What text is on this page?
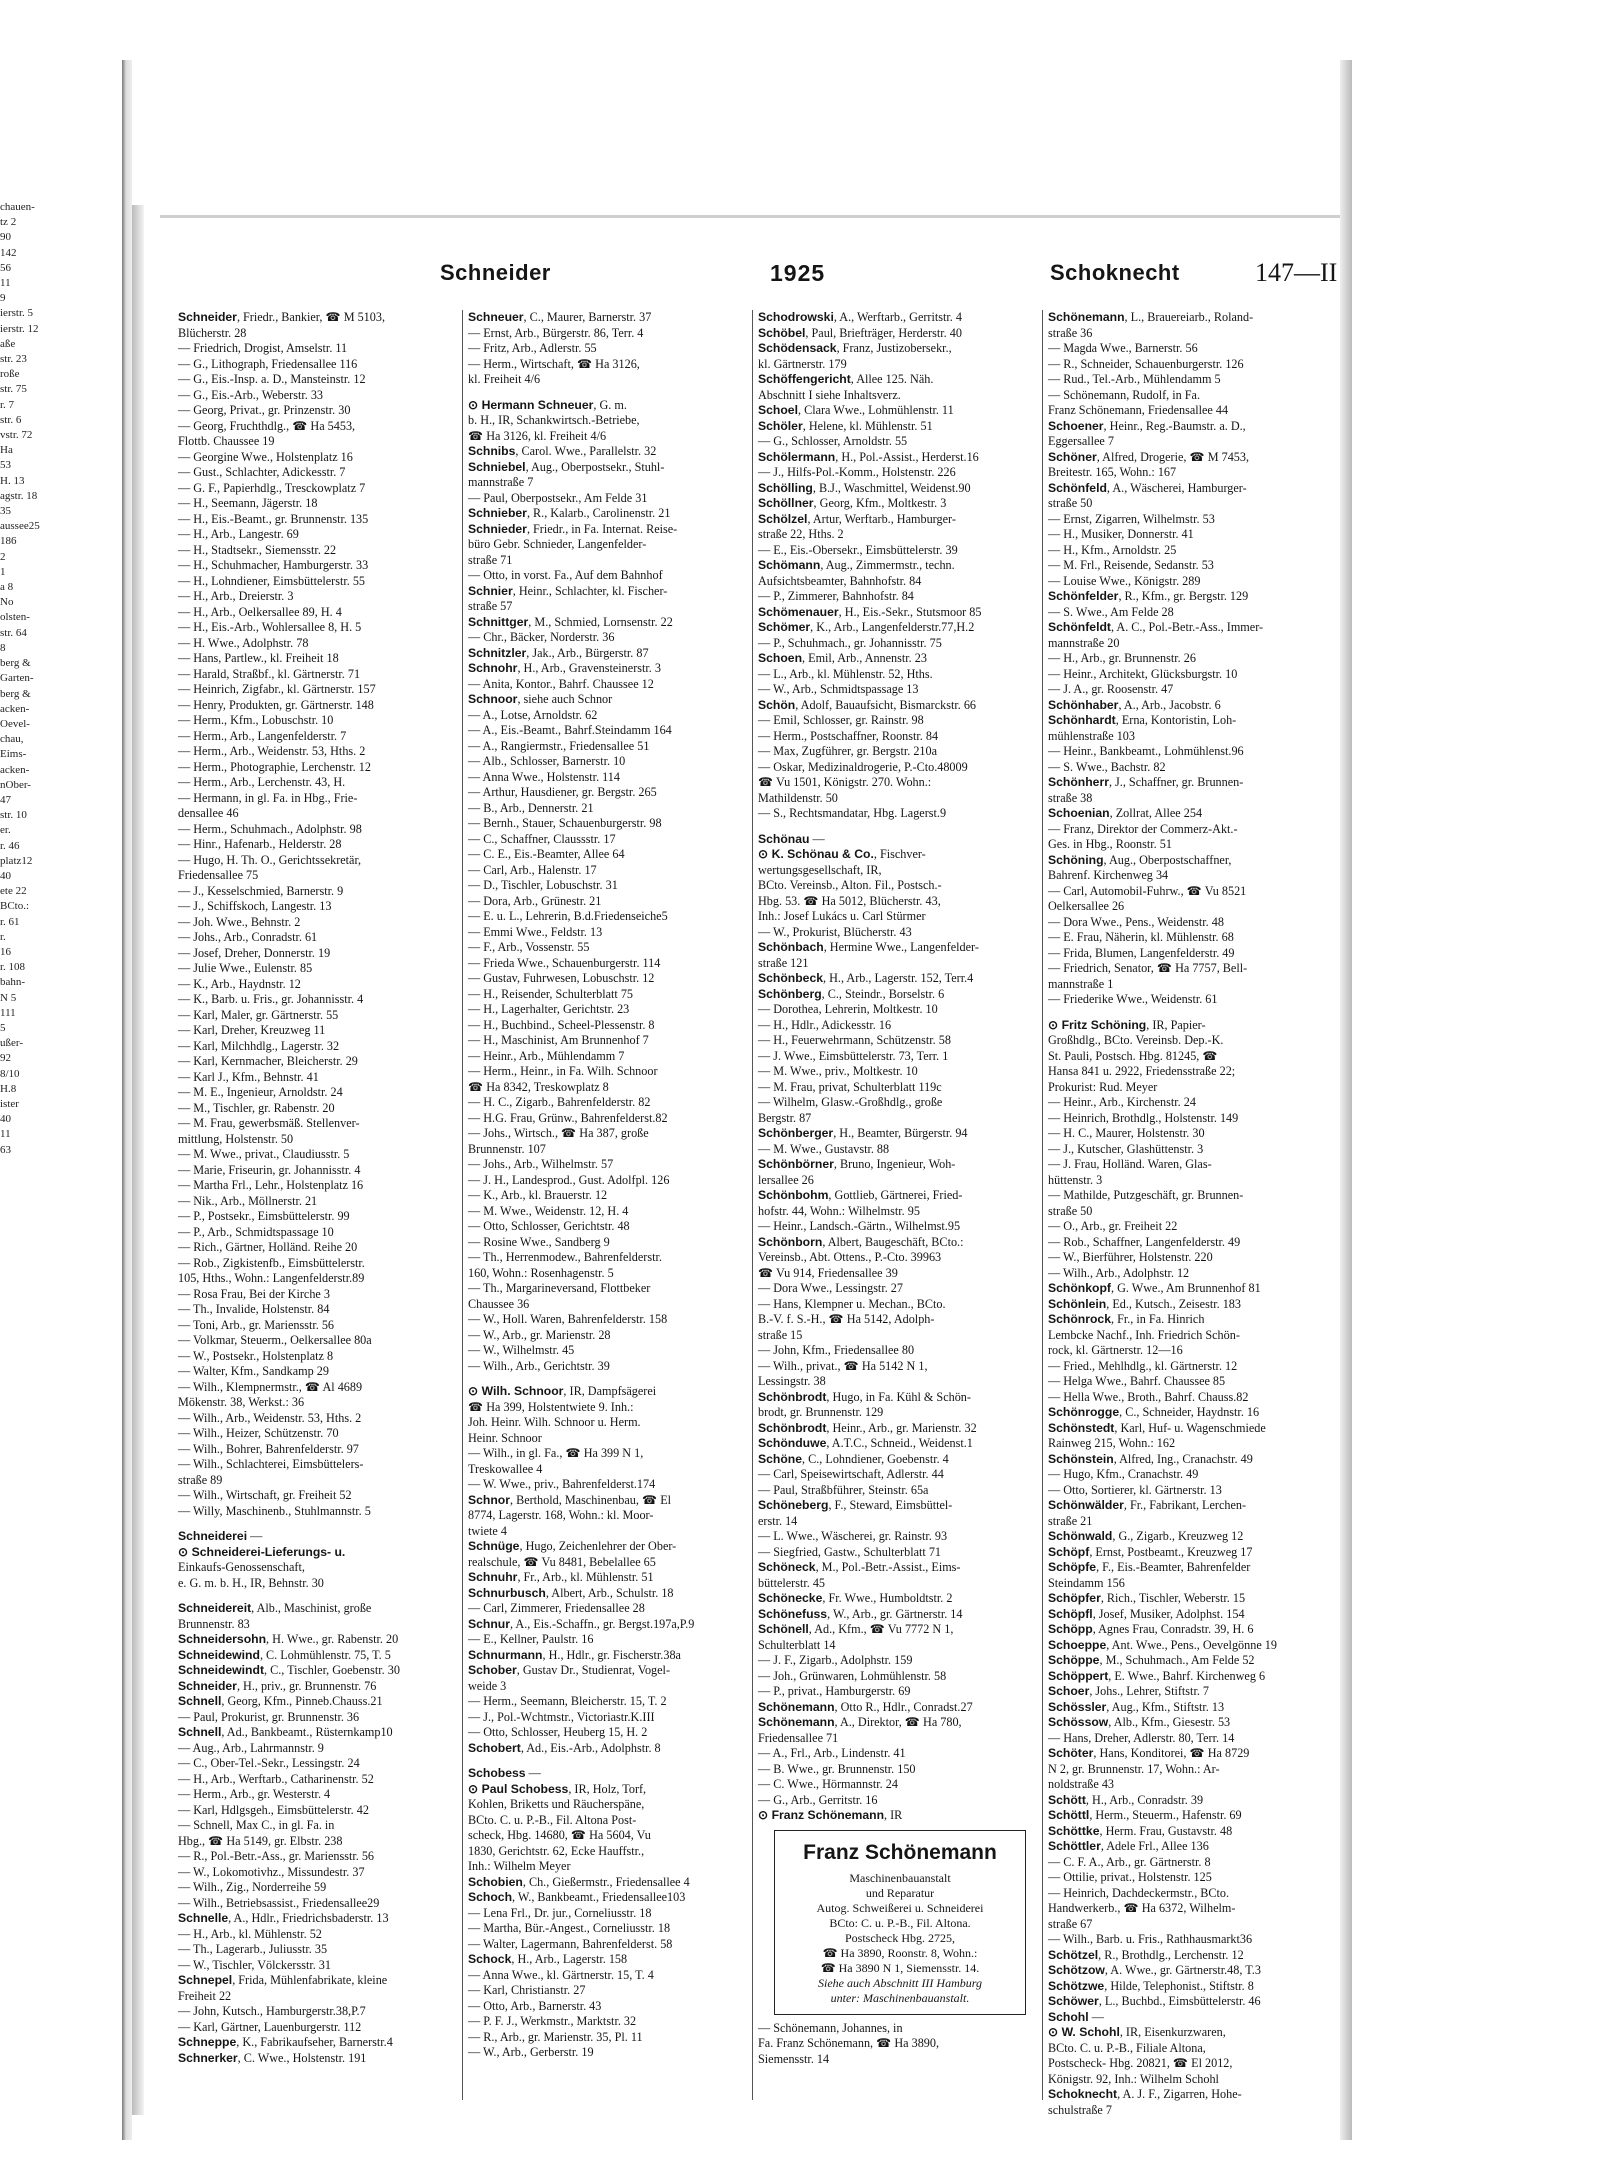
chauen-
tz 2
90
142
56
11
9
ierstr. 5
ierstr. 12
aße
str. 23
roße
str. 75
r. 7
str. 6
vstr. 72
Ha
53
H. 13
agstr. 18
35
aussee25
186
2
1
a 8
No
olsten-
str. 64
8
berg &
Garten-
berg &
acken-
Oevel-
chau,
Eims-
acken-
nOber-
47
str. 10
er.
r. 46
platz12
40
ete 22
BCto.:
r. 61
r.
16
r. 108
bahn-
N 5
111
5
ußer-
92
8/10
H.8
ister
40
11
63
Schneider	1925	Schoknecht	147—II
Schneider, Friedr., Bankier, ☎ M 5103,
Blücherstr. 28
— Friedrich, Drogist, Amselstr. 11
— G., Lithograph, Friedensallee 116
— G., Eis.-Insp. a. D., Mansteinstr. 12
— G., Eis.-Arb., Weberstr. 33
— Georg, Privat., gr. Prinzenstr. 30
— Georg, Fruchthdlg., ☎ Ha 5453,
Flottb. Chaussee 19
— Georgine Wwe., Holstenplatz 16
— Gust., Schlachter, Adickesstr. 7
— G. F., Papierhdlg., Tresckowplatz 7
— H., Seemann, Jägerstr. 18
— H., Eis.-Beamt., gr. Brunnenstr. 135
— H., Arb., Langestr. 69
— H., Stadtsekr., Siemensstr. 22
— H., Schuhmacher, Hamburgerstr. 33
— H., Lohndiener, Eimsbüttelerstr. 55
— H., Arb., Dreierstr. 3
— H., Arb., Oelkersallee 89, H. 4
— H., Eis.-Arb., Wohlersallee 8, H. 5
— H. Wwe., Adolphstr. 78
— Hans, Partlew., kl. Freiheit 18
— Harald, Straßbf., kl. Gärtnerstr. 71
— Heinrich, Zigfabr., kl. Gärtnerstr. 157
— Henry, Produkten, gr. Gärtnerstr. 148
— Herm., Kfm., Lobuschstr. 10
— Herm., Arb., Langenfelderstr. 7
— Herm., Arb., Weidenstr. 53, Hths. 2
— Herm., Photographie, Lerchenstr. 12
— Herm., Arb., Lerchenstr. 43, H.
— Hermann, in gl. Fa. in Hbg., Frie-
densallee 46
— Herm., Schuhmach., Adolphstr. 98
— Hinr., Hafenarb., Helderstr. 28
— Hugo, H. Th. O., Gerichtssekretär,
Friedensallee 75
— J., Kesselschmied, Barnerstr. 9
— J., Schiffskoch, Langestr. 13
— Joh. Wwe., Behnstr. 2
— Johs., Arb., Conradstr. 61
— Josef, Dreher, Donnerstr. 19
— Julie Wwe., Eulenstr. 85
— K., Arb., Haydnstr. 12
— K., Barb. u. Fris., gr. Johannisstr. 4
— Karl, Maler, gr. Gärtnerstr. 55
— Karl, Dreher, Kreuzweg 11
— Karl, Milchhdlg., Lagerstr. 32
— Karl, Kernmacher, Bleicherstr. 29
— Karl J., Kfm., Behnstr. 41
— M. E., Ingenieur, Arnoldstr. 24
— M., Tischler, gr. Rabenstr. 20
— M. Frau, gewerbsmäß. Stellenver-
mittlung, Holstenstr. 50
— M. Wwe., privat., Claudiusstr. 5
— Marie, Friseurin, gr. Johannisstr. 4
— Martha Frl., Lehr., Holstenplatz 16
— Nik., Arb., Möllnerstr. 21
— P., Postsekr., Eimsbüttelerstr. 99
— P., Arb., Schmidtspassage 10
— Rich., Gärtner, Holländ. Reihe 20
— Rob., Zigkistenfb., Eimsbüttelerstr.
105, Hths., Wohn.: Langenfelderstr.89
— Rosa Frau, Bei der Kirche 3
— Th., Invalide, Holstenstr. 84
— Toni, Arb., gr. Mariensstr. 56
— Volkmar, Steuerm., Oelkersallee 80a
— W., Postsekr., Holstenplatz 8
— Walter, Kfm., Sandkamp 29
— Wilh., Klempnermstr., ☎ Al 4689
Mökenstr. 38, Werkst.: 36
— Wilh., Arb., Weidenstr. 53, Hths. 2
— Wilh., Heizer, Schützenstr. 70
— Wilh., Bohrer, Bahrenfelderstr. 97
— Wilh., Schlachterei, Eimsbüttelers-
straße 89
— Wilh., Wirtschaft, gr. Freiheit 52
— Willy, Maschinenb., Stuhlmannstr. 5
Schneiderei —
⊙ Schneiderei-Lieferungs- u.
Einkaufs-Genossenschaft,
e. G. m. b. H., IR, Behnstr. 30
Schneidereit, Alb., Maschinist, große
Brunnenstr. 83
Schneidersohn, H. Wwe., gr. Rabenstr. 20
Schneidewind, C. Lohmühlenstr. 75, T. 5
Schneidewindt, C., Tischler, Goebenstr. 30
Schneider, H., priv., gr. Brunnenstr. 76
Schnell, Georg, Kfm., Pinneb.Chauss.21
— Paul, Prokurist, gr. Brunnenstr. 36
Schnell, Ad., Bankbeamt., Rüsternkamp10
— Aug., Arb., Lahrmannstr. 9
— C., Ober-Tel.-Sekr., Lessingstr. 24
— H., Arb., Werftarb., Catharinenstr. 52
— Herm., Arb., gr. Westerstr. 4
— Karl, Hdlgsgeh., Eimsbüttelerstr. 42
— Schnell, Max C., in gl. Fa. in
Hbg., ☎ Ha 5149, gr. Elbstr. 238
— R., Pol.-Betr.-Ass., gr. Mariensstr. 56
— W., Lokomotivhz., Missundestr. 37
— Wilh., Zig., Norderreihe 59
— Wilh., Betriebsassist., Friedensallee29
Schnelle, A., Hdlr., Friedrichsbaderstr. 13
— H., Arb., kl. Mühlenstr. 52
— Th., Lagerarb., Juliusstr. 35
— W., Tischler, Völckersstr. 31
Schnepel, Frida, Mühlenfabrikate, kleine
Freiheit 22
— John, Kutsch., Hamburgerstr.38,P.7
— Karl, Gärtner, Lauenburgerstr. 112
Schneppe, K., Fabrikaufseher, Barnerstr.4
Schnerker, C. Wwe., Holstenstr. 191
Schneuer, C., Maurer, Barnerstr. 37
— Ernst, Arb., Bürgerstr. 86, Terr. 4
— Fritz, Arb., Adlerstr. 55
— Herm., Wirtschaft, ☎ Ha 3126,
kl. Freiheit 4/6
⊙ Hermann Schneuer, G. m.
b. H., IR, Schankwirtsch.-Betriebe,
☎ Ha 3126, kl. Freiheit 4/6
Schnibs, Carol. Wwe., Parallelstr. 32
Schniebel, Aug., Oberpostsekr., Stuhl-
mannstraße 7
— Paul, Oberpostsekr., Am Felde 31
Schnieber, R., Kalarb., Carolinenstr. 21
Schnieder, Friedr., in Fa. Internat. Reise-
büro Gebr. Schnieder, Langenfelder-
straße 71
— Otto, in vorst. Fa., Auf dem Bahnhof
Schnier, Heinr., Schlachter, kl. Fischer-
straße 57
Schnittger, M., Schmied, Lornsenstr. 22
— Chr., Bäcker, Norderstr. 36
Schnitzler, Jak., Arb., Bürgerstr. 87
Schnohr, H., Arb., Gravensteinerstr. 3
— Anita, Kontor., Bahrf. Chaussee 12
Schnoor, siehe auch Schnor
— A., Lotse, Arnoldstr. 62
— A., Eis.-Beamt., Bahrf.Steindamm 164
— A., Rangiermstr., Friedensallee 51
— Alb., Schlosser, Barnerstr. 10
— Anna Wwe., Holstenstr. 114
— Arthur, Hausdiener, gr. Bergstr. 265
— B., Arb., Dennerstr. 21
— Bernh., Stauer, Schauenburgerstr. 98
— C., Schaffner, Claussstr. 17
— C. E., Eis.-Beamter, Allee 64
— Carl, Arb., Halenstr. 17
— D., Tischler, Lobuschstr. 31
— Dora, Arb., Grünestr. 21
— E. u. L., Lehrerin, B.d.Friedenseiche5
— Emmi Wwe., Feldstr. 13
— F., Arb., Vossenstr. 55
— Frieda Wwe., Schauenburgerstr. 114
— Gustav, Fuhrwesen, Lobuschstr. 12
— H., Reisender, Schulterblatt 75
— H., Lagerhalter, Gerichtstr. 23
— H., Buchbind., Scheel-Plessenstr. 8
— H., Maschinist, Am Brunnenhof 7
— Heinr., Arb., Mühlendamm 7
— Herm., Heinr., in Fa. Wilh. Schnoor
☎ Ha 8342, Treskowplatz 8
— H. C., Zigarb., Bahrenfelderstr. 82
— H.G. Frau, Grünw., Bahrenfelderst.82
— Johs., Wirtsch., ☎ Ha 387, große
Brunnenstr. 107
— Johs., Arb., Wilhelmstr. 57
— J. H., Landesprod., Gust. Adolfpl. 126
— K., Arb., kl. Brauerstr. 12
— M. Wwe., Weidenstr. 12, H. 4
— Otto, Schlosser, Gerichtstr. 48
— Rosine Wwe., Sandberg 9
— Th., Herrenmodew., Bahrenfelderstr.
160, Wohn.: Rosenhagenstr. 5
— Th., Margarineversand, Flottbeker
Chaussee 36
— W., Holl. Waren, Bahrenfelderstr. 158
— W., Arb., gr. Marienstr. 28
— W., Wilhelmstr. 45
— Wilh., Arb., Gerichtstr. 39
⊙ Wilh. Schnoor, IR, Dampfsägerei
☎ Ha 399, Holstentwiete 9. Inh.:
Joh. Heinr. Wilh. Schnoor u. Herm.
Heinr. Schnoor
— Wilh., in gl. Fa., ☎ Ha 399 N 1,
Treskowallee 4
— W. Wwe., priv., Bahrenfelderst.174
Schnor, Berthold, Maschinenbau, ☎ El
8774, Lagerstr. 168, Wohn.: kl. Moor-
twiete 4
Schnüge, Hugo, Zeichenlehrer der Ober-
realschule, ☎ Vu 8481, Bebelallee 65
Schnuhr, Fr., Arb., kl. Mühlenstr. 51
Schnurbusch, Albert, Arb., Schulstr. 18
— Carl, Zimmerer, Friedensallee 28
Schnur, A., Eis.-Schaffn., gr. Bergst.197a,P.9
— E., Kellner, Paulstr. 16
Schnurmann, H., Hdlr., gr. Fischerstr.38a
Schober, Gustav Dr., Studienrat, Vogel-
weide 3
— Herm., Seemann, Bleicherstr. 15, T. 2
— J., Pol.-Wchtmstr., Victoriastr.K.III
— Otto, Schlosser, Heuberg 15, H. 2
Schobert, Ad., Eis.-Arb., Adolphstr. 8
Schobess —
⊙ Paul Schobess, IR, Holz, Torf,
Kohlen, Briketts und Räucherspäne,
BCto. C. u. P.-B., Fil. Altona Post-
scheck, Hbg. 14680, ☎ Ha 5604, Vu
1830, Gerichtstr. 62, Ecke Hauffstr.,
Inh.: Wilhelm Meyer
Schobien, Ch., Gießermstr., Friedensallee 4
Schoch, W., Bankbeamt., Friedensallee103
— Lena Frl., Dr. jur., Corneliusstr. 18
— Martha, Bür.-Angest., Corneliusstr. 18
— Walter, Lagermann, Bahrenfelderst. 58
Schock, H., Arb., Lagerstr. 158
— Anna Wwe., kl. Gärtnerstr. 15, T. 4
— Karl, Christianstr. 27
— Otto, Arb., Barnerstr. 43
— P. F. J., Werkmstr., Marktstr. 32
— R., Arb., gr. Marienstr. 35, Pl. 11
— W., Arb., Gerberstr. 19
Schodrowski, A., Werftarb., Gerritstr. 4
Schöbel, Paul, Briefträger, Herderstr. 40
Schödensack, Franz, Justizobersekr.,
kl. Gärtnerstr. 179
Schöffengericht, Allee 125. Näh.
Abschnitt I siehe Inhaltsverz.
Schoel, Clara Wwe., Lohmühlenstr. 11
Schöler, Helene, kl. Mühlenstr. 51
— G., Schlosser, Arnoldstr. 55
Schölermann, H., Pol.-Assist., Herderst.16
— J., Hilfs-Pol.-Komm., Holstenstr. 226
Schölling, B.J., Waschmittel, Weidenst.90
Schöllner, Georg, Kfm., Moltkestr. 3
Schölzel, Artur, Werftarb., Hamburger-
straße 22, Hths. 2
— E., Eis.-Obersekr., Eimsbüttelerstr. 39
Schömann, Aug., Zimmermstr., techn.
Aufsichtsbeamter, Bahnhofstr. 84
— P., Zimmerer, Bahnhofstr. 84
Schömenauer, H., Eis.-Sekr., Stutsmoor 85
Schömer, K., Arb., Langenfelderstr.77,H.2
— P., Schuhmach., gr. Johannisstr. 75
Schoen, Emil, Arb., Annenstr. 23
— L., Arb., kl. Mühlenstr. 52, Hths.
— W., Arb., Schmidtspassage 13
Schön, Adolf, Bauaufsicht, Bismarckstr. 66
— Emil, Schlosser, gr. Rainstr. 98
— Herm., Postschaffner, Roonstr. 84
— Max, Zugführer, gr. Bergstr. 210a
— Oskar, Medizinaldrogerie, P.-Cto.48009
☎ Vu 1501, Königstr. 270. Wohn.:
Mathildenstr. 50
— S., Rechtsmandatar, Hbg. Lagerst.9
Schönau —
⊙ K. Schönau & Co., Fischver-
wertungsgesellschaft, IR,
BCto. Vereinsb., Alton. Fil., Postsch.-
Hbg. 53. ☎ Ha 5012, Blücherstr. 43,
Inh.: Josef Lukács u. Carl Stürmer
— W., Prokurist, Blücherstr. 43
Schönbach, Hermine Wwe., Langenfelder-
straße 121
Schönbeck, H., Arb., Lagerstr. 152, Terr.4
Schönberg, C., Steindr., Borselstr. 6
— Dorothea, Lehrerin, Moltkestr. 10
— H., Hdlr., Adickesstr. 16
— H., Feuerwehrmann, Schützenstr. 58
— J. Wwe., Eimsbüttelerstr. 73, Terr. 1
— M. Wwe., priv., Moltkestr. 10
— M. Frau, privat, Schulterblatt 119c
— Wilhelm, Glasw.-Großhdlg., große
Bergstr. 87
Schönberger, H., Beamter, Bürgerstr. 94
— M. Wwe., Gustavstr. 88
Schönbörner, Bruno, Ingenieur, Woh-
lersallee 26
Schönbohm, Gottlieb, Gärtnerei, Fried-
hofstr. 44, Wohn.: Wilhelmstr. 95
— Heinr., Landsch.-Gärtn., Wilhelmst.95
Schönborn, Albert, Baugeschäft, BCto.:
Vereinsb., Abt. Ottens., P.-Cto. 39963
☎ Vu 914, Friedensallee 39
— Dora Wwe., Lessingstr. 27
— Hans, Klempner u. Mechan., BCto.
B.-V. f. S.-H., ☎ Ha 5142, Adolph-
straße 15
— John, Kfm., Friedensallee 80
— Wilh., privat., ☎ Ha 5142 N 1,
Lessingstr. 38
Schönbrodt, Hugo, in Fa. Kühl & Schön-
brodt, gr. Brunnenstr. 129
Schönbrodt, Heinr., Arb., gr. Marienstr. 32
Schönduwe, A.T.C., Schneid., Weidenst.1
Schöne, C., Lohndiener, Goebenstr. 4
— Carl, Speisewirtschaft, Adlerstr. 44
— Paul, Straßbführer, Steinstr. 65a
Schöneberg, F., Steward, Eimsbüttel-
erstr. 14
— L. Wwe., Wäscherei, gr. Rainstr. 93
— Siegfried, Gastw., Schulterblatt 71
Schöneck, M., Pol.-Betr.-Assist., Eims-
büttelerstr. 45
Schönecke, Fr. Wwe., Humboldtstr. 2
Schönefuss, W., Arb., gr. Gärtnerstr. 14
Schönell, Ad., Kfm., ☎ Vu 7772 N 1,
Schulterblatt 14
— J. F., Zigarb., Adolphstr. 159
— Joh., Grünwaren, Lohmühlenstr. 58
— P., privat., Hamburgerstr. 69
Schönemann, Otto R., Hdlr., Conradst.27
Schönemann, A., Direktor, ☎ Ha 780,
Friedensallee 71
— A., Frl., Arb., Lindenstr. 41
— B. Wwe., gr. Brunnenstr. 150
— C. Wwe., Hörmannstr. 24
— G., Arb., Gerritstr. 16
⊙ Franz Schönemann, IR
Franz Schönemann
Maschinenbauanstalt
und Reparatur
Autog. Schweißerei u. Schneiderei
BCto: C. u. P.-B., Fil. Altona.
Postscheck Hbg. 2725,
☎ Ha 3890, Roonstr. 8, Wohn.:
☎ Ha 3890 N 1, Siemensstr. 14.
Siehe auch Abschnitt III Hamburg
unter: Maschinenbauanstalt.
— Schönemann, Johannes, in
Fa. Franz Schönemann, ☎ Ha 3890,
Siemensstr. 14
Schönemann, L., Brauereiarb., Roland-
straße 36
— Magda Wwe., Barnerstr. 56
— R., Schneider, Schauenburgerstr. 126
— Rud., Tel.-Arb., Mühlendamm 5
— Schönemann, Rudolf, in Fa.
Franz Schönemann, Friedensallee 44
Schoener, Heinr., Reg.-Baumstr. a. D.,
Eggersallee 7
Schöner, Alfred, Drogerie, ☎ M 7453,
Breitestr. 165, Wohn.: 167
Schönfeld, A., Wäscherei, Hamburger-
straße 50
— Ernst, Zigarren, Wilhelmstr. 53
— H., Musiker, Donnerstr. 41
— H., Kfm., Arnoldstr. 25
— M. Frl., Reisende, Sedanstr. 53
— Louise Wwe., Königstr. 289
Schönfelder, R., Kfm., gr. Bergstr. 129
— S. Wwe., Am Felde 28
Schönfeldt, A. C., Pol.-Betr.-Ass., Immer-
mannstraße 20
— H., Arb., gr. Brunnenstr. 26
— Heinr., Architekt, Glücksburgstr. 10
— J. A., gr. Roosenstr. 47
Schönhaber, A., Arb., Jacobstr. 6
Schönhardt, Erna, Kontoristin, Loh-
mühlenstraße 103
— Heinr., Bankbeamt., Lohmühlenst.96
— S. Wwe., Bachstr. 82
Schönherr, J., Schaffner, gr. Brunnen-
straße 38
Schoenian, Zollrat, Allee 254
— Franz, Direktor der Commerz-Akt.-
Ges. in Hbg., Roonstr. 51
Schöning, Aug., Oberpostschaffner,
Bahrenf. Kirchenweg 34
— Carl, Automobil-Fuhrw., ☎ Vu 8521
Oelkersallee 26
— Dora Wwe., Pens., Weidenstr. 48
— E. Frau, Näherin, kl. Mühlenstr. 68
— Frida, Blumen, Langenfelderstr. 49
— Friedrich, Senator, ☎ Ha 7757, Bell-
mannstraße 1
— Friederike Wwe., Weidenstr. 61
⊙ Fritz Schöning, IR, Papier-
Großhdlg., BCto. Vereinsb. Dep.-K.
St. Pauli, Postsch. Hbg. 81245, ☎
Hansa 841 u. 2922, Friedensstraße 22;
Prokurist: Rud. Meyer
— Heinr., Arb., Kirchenstr. 24
— Heinrich, Brothdlg., Holstenstr. 149
— H. C., Maurer, Holstenstr. 30
— J., Kutscher, Glashüttenstr. 3
— J. Frau, Holländ. Waren, Glas-
hüttenstr. 3
— Mathilde, Putzgeschäft, gr. Brunnen-
straße 50
— O., Arb., gr. Freiheit 22
— Rob., Schaffner, Langenfelderstr. 49
— W., Bierführer, Holstenstr. 220
— Wilh., Arb., Adolphstr. 12
Schönkopf, G. Wwe., Am Brunnenhof 81
Schönlein, Ed., Kutsch., Zeisestr. 183
Schönrock, Fr., in Fa. Hinrich
Lembcke Nachf., Inh. Friedrich Schön-
rock, kl. Gärtnerstr. 12—16
— Fried., Mehlhdlg., kl. Gärtnerstr. 12
— Helga Wwe., Bahrf. Chaussee 85
— Hella Wwe., Broth., Bahrf. Chauss.82
Schönrogge, C., Schneider, Haydnstr. 16
Schönstedt, Karl, Huf- u. Wagenschmiede
Rainweg 215, Wohn.: 162
Schönstein, Alfred, Ing., Cranachstr. 49
— Hugo, Kfm., Cranachstr. 49
— Otto, Sortierer, kl. Gärtnerstr. 13
Schönwälder, Fr., Fabrikant, Lerchen-
straße 21
Schönwald, G., Zigarb., Kreuzweg 12
Schöpf, Ernst, Postbeamt., Kreuzweg 17
Schöpfe, F., Eis.-Beamter, Bahrenfelder
Steindamm 156
Schöpfer, Rich., Tischler, Weberstr. 15
Schöpfl, Josef, Musiker, Adolphst. 154
Schöpp, Agnes Frau, Conradstr. 39, H. 6
Schoeppe, Ant. Wwe., Pens., Oevelgönne 19
Schöppe, M., Schuhmach., Am Felde 52
Schöppert, E. Wwe., Bahrf. Kirchenweg 6
Schoer, Johs., Lehrer, Stiftstr. 7
Schössler, Aug., Kfm., Stiftstr. 13
Schössow, Alb., Kfm., Giesestr. 53
— Hans, Dreher, Adlerstr. 80, Terr. 14
Schöter, Hans, Konditorei, ☎ Ha 8729
N 2, gr. Brunnenstr. 17, Wohn.: Ar-
noldstraße 43
Schött, H., Arb., Conradstr. 39
Schöttl, Herm., Steuerm., Hafenstr. 69
Schöttke, Herm. Frau, Gustavstr. 48
Schöttler, Adele Frl., Allee 136
— C. F. A., Arb., gr. Gärtnerstr. 8
— Ottilie, privat., Holstenstr. 125
— Heinrich, Dachdeckermstr., BCto.
Handwerkerb., ☎ Ha 6372, Wilhelm-
straße 67
— Wilh., Barb. u. Fris., Rathhausmarkt36
Schötzel, R., Brothdlg., Lerchenstr. 12
Schötzow, A. Wwe., gr. Gärtnerstr.48, T.3
Schötzwe, Hilde, Telephonist., Stiftstr. 8
Schöwer, L., Buchbd., Eimsbüttelerstr. 46
Schohl —
⊙ W. Schohl, IR, Eisenkurzwaren,
BCto. C. u. P.-B., Filiale Altona,
Postscheck- Hbg. 20821, ☎ El 2012,
Königstr. 92, Inh.: Wilhelm Schohl
Schoknecht, A. J. F., Zigarren, Hohe-
schulstraße 7
